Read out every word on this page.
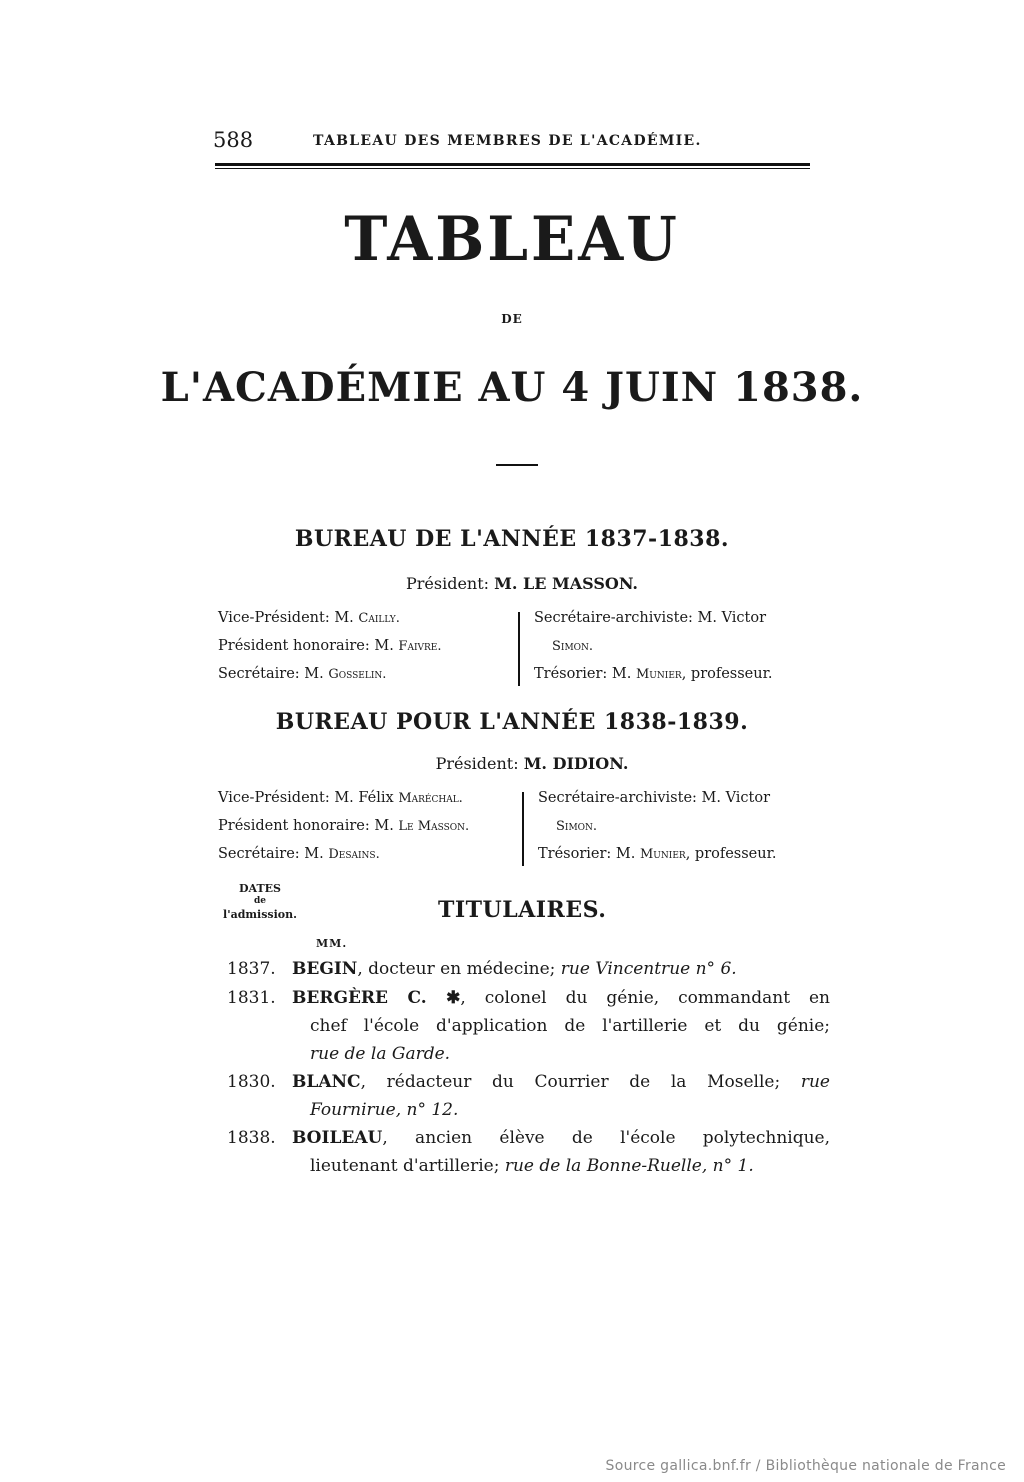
588	TABLEAU DES MEMBRES DE L'ACADÉMIE.
TABLEAU
DE
L'ACADÉMIE AU 4 JUIN 1838.
BUREAU DE L'ANNÉE 1837-1838.
Président: M. LE MASSON.
Vice-Président: M. Cailly.
Président honoraire: M. Faivre.
Secrétaire: M. Gosselin.
Secrétaire-archiviste: M. Victor
Simon.
Trésorier: M. Munier, professeur.
BUREAU POUR L'ANNÉE 1838-1839.
Président: M. DIDION.
Vice-Président: M. Félix Maréchal.
Président honoraire: M. Le Masson.
Secrétaire: M. Desains.
Secrétaire-archiviste: M. Victor
Simon.
Trésorier: M. Munier, professeur.
DATES
de
l'admission.	TITULAIRES.
MM.
1837. BEGIN, docteur en médecine; rue Vincentrue n° 6.
1831. BERGÈRE C. ✱, colonel du génie, commandant en
chef l'école d'application de l'artillerie et du génie;
rue de la Garde.
1830. BLANC, rédacteur du Courrier de la Moselle; rue
Fournirue, n° 12.
1838. BOILEAU, ancien élève de l'école polytechnique,
lieutenant d'artillerie; rue de la Bonne-Ruelle, n° 1.
Source gallica.bnf.fr / Bibliothèque nationale de France
